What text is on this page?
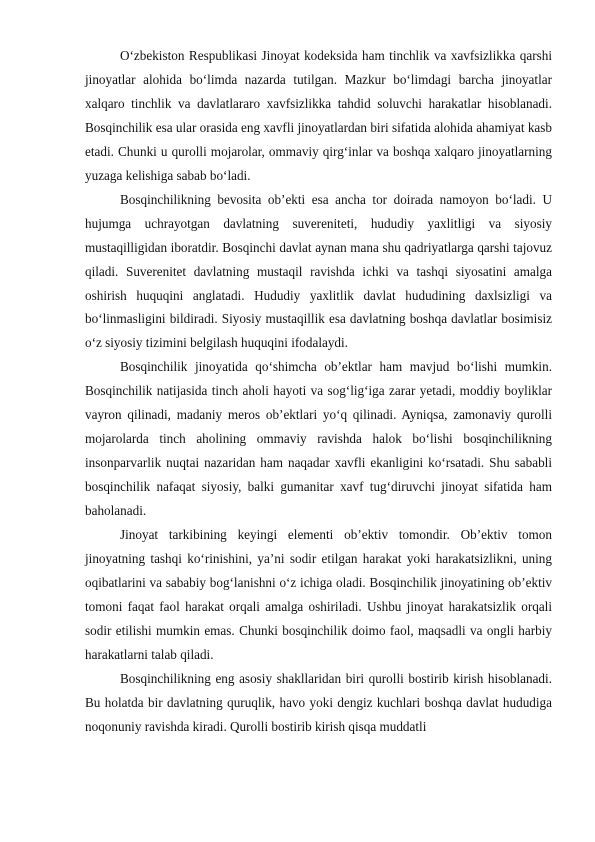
O‘zbekiston Respublikasi Jinoyat kodeksida ham tinchlik va xavfsizlikka qarshi jinoyatlar alohida bo‘limda nazarda tutilgan. Mazkur bo‘limdagi barcha jinoyatlar xalqaro tinchlik va davlatlararo xavfsizlikka tahdid soluvchi harakatlar hisoblanadi. Bosqinchilik esa ular orasida eng xavfli jinoyatlardan biri sifatida alohida ahamiyat kasb etadi. Chunki u qurolli mojarolar, ommaviy qirg‘inlar va boshqa xalqaro jinoyatlarning yuzaga kelishiga sabab bo‘ladi.

Bosqinchilikning bevosita ob’ekti esa ancha tor doirada namoyon bo‘ladi. U hujumga uchrayotgan davlatning suvereniteti, hududiy yaxlitligi va siyosiy mustaqilligidan iboratdir. Bosqinchi davlat aynan mana shu qadriyatlarga qarshi tajovuz qiladi. Suverenitet davlatning mustaqil ravishda ichki va tashqi siyosatini amalga oshirish huquqini anglatadi. Hududiy yaxlitlik davlat hududining daxlsizligi va bo‘linmasligini bildiradi. Siyosiy mustaqillik esa davlatning boshqa davlatlar bosimisiz o‘z siyosiy tizimini belgilash huquqini ifodalaydi.

Bosqinchilik jinoyatida qo‘shimcha ob’ektlar ham mavjud bo‘lishi mumkin. Bosqinchilik natijasida tinch aholi hayoti va sog‘lig‘iga zarar yetadi, moddiy boyliklar vayron qilinadi, madaniy meros ob’ektlari yo‘q qilinadi. Ayniqsa, zamonaviy qurolli mojarolarda tinch aholining ommaviy ravishda halok bo‘lishi bosqinchilikning insonparvarlik nuqtai nazaridan ham naqadar xavfli ekanligini ko‘rsatadi. Shu sababli bosqinchilik nafaqat siyosiy, balki gumanitar xavf tug‘diruvchi jinoyat sifatida ham baholanadi.

Jinoyat tarkibining keyingi elementi ob’ektiv tomondir. Ob’ektiv tomon jinoyatning tashqi ko‘rinishini, ya’ni sodir etilgan harakat yoki harakatsizlikni, uning oqibatlarini va sababiy bog‘lanishni o‘z ichiga oladi. Bosqinchilik jinoyatining ob’ektiv tomoni faqat faol harakat orqali amalga oshiriladi. Ushbu jinoyat harakatsizlik orqali sodir etilishi mumkin emas. Chunki bosqinchilik doimo faol, maqsadli va ongli harbiy harakatlarni talab qiladi.

Bosqinchilikning eng asosiy shakllaridan biri qurolli bostirib kirish hisoblanadi. Bu holatda bir davlatning quruqlik, havo yoki dengiz kuchlari boshqa davlat hududiga noqonuniy ravishda kiradi. Qurolli bostirib kirish qisqa muddatli
